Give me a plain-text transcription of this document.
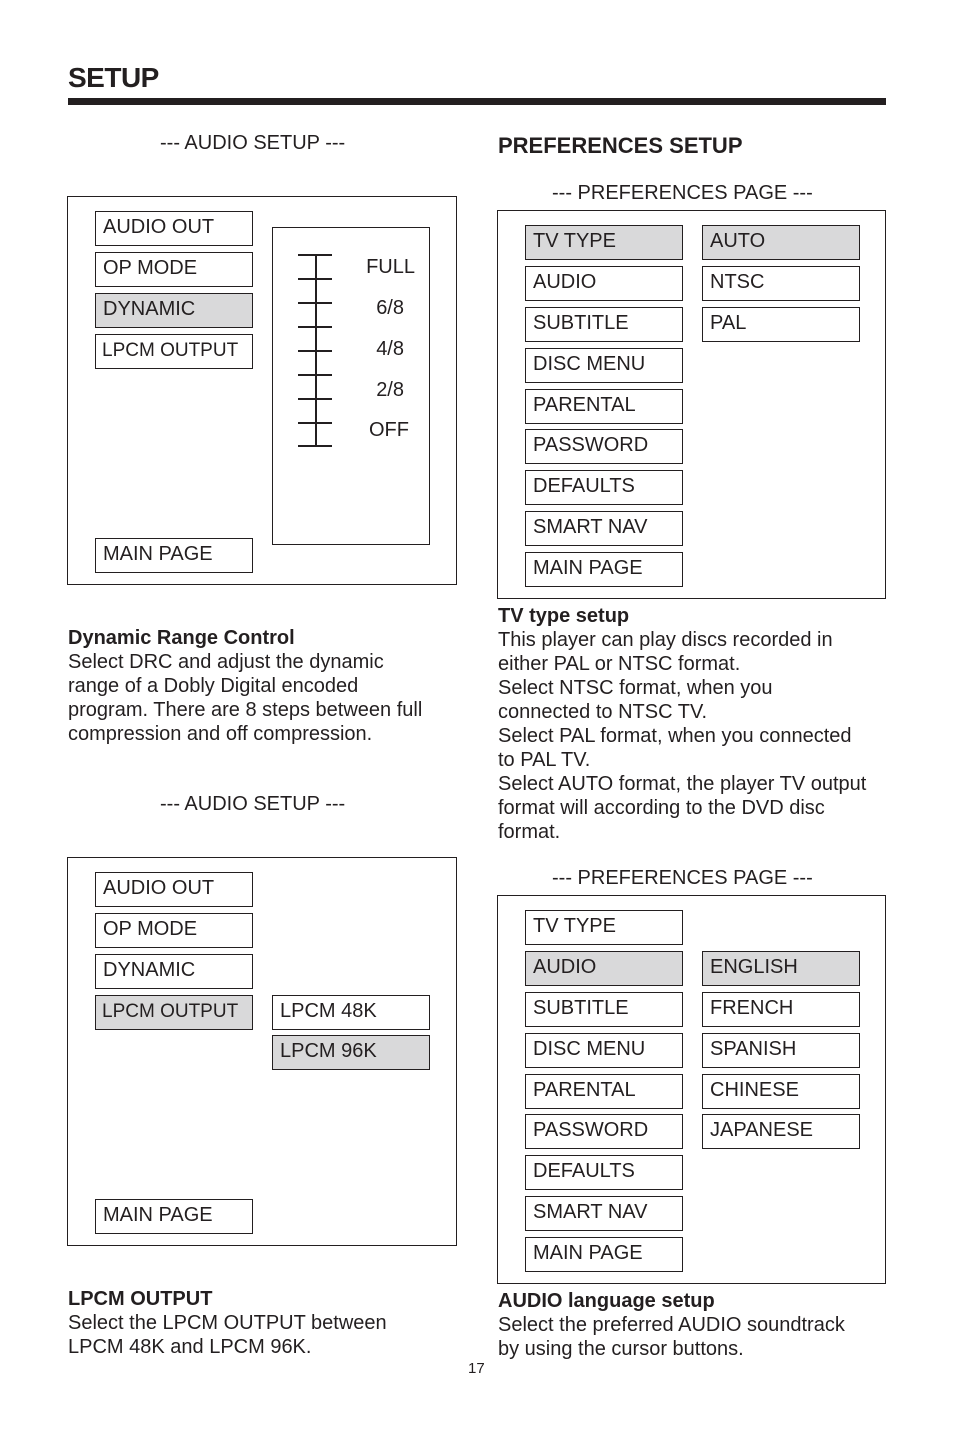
SETUP
--- AUDIO SETUP ---
AUDIO OUT
OP MODE
DYNAMIC
LPCM OUTPUT
MAIN PAGE
FULL
6/8
4/8
2/8
OFF
Dynamic Range Control
Select DRC and adjust the dynamic
range of a Dobly Digital encoded
program. There are 8 steps between full
compression and off compression.
--- AUDIO SETUP ---
AUDIO OUT
OP MODE
DYNAMIC
LPCM OUTPUT	LPCM 48K
LPCM 96K
MAIN PAGE
LPCM OUTPUT
Select the LPCM OUTPUT between
LPCM 48K and LPCM 96K.
PREFERENCES SETUP
--- PREFERENCES PAGE ---
TV TYPE
AUDIO
SUBTITLE
DISC MENU
PARENTAL
PASSWORD
DEFAULTS
SMART NAV
MAIN PAGE
AUTO
NTSC
PAL
TV type setup
This player can play discs recorded in
either PAL or NTSC format.
Select NTSC format, when you
connected to NTSC TV.
Select PAL format, when you connected
to PAL TV.
Select AUTO format, the player TV output
format will according to the DVD disc
format.
--- PREFERENCES PAGE ---
TV TYPE
AUDIO
SUBTITLE
DISC MENU
PARENTAL
PASSWORD
DEFAULTS
SMART NAV
MAIN PAGE
ENGLISH
FRENCH
SPANISH
CHINESE
JAPANESE
AUDIO language setup
Select the preferred AUDIO soundtrack
by using the cursor buttons.
17
